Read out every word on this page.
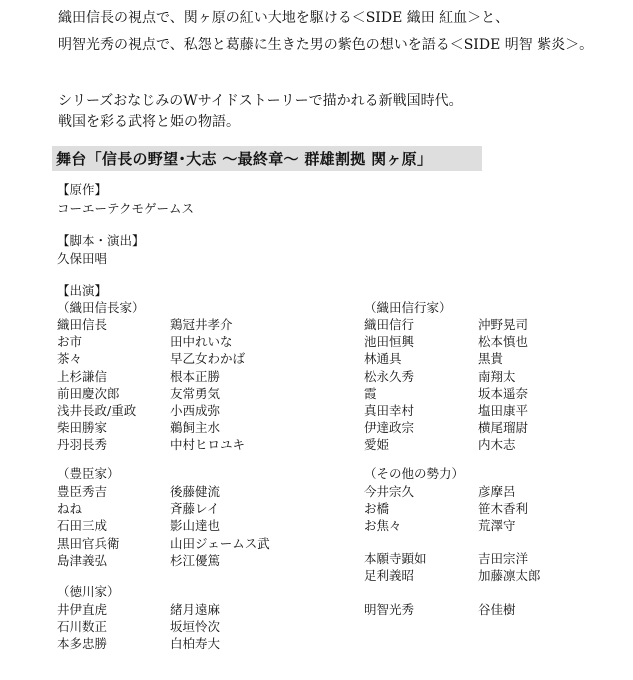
織田信長の視点で、関ヶ原の紅い大地を駆ける＜SIDE 織田 紅血＞と、
明智光秀の視点で、私怨と葛藤に生きた男の紫色の想いを語る＜SIDE 明智 紫炎＞。
シリーズおなじみのWサイドストーリーで描かれる新戦国時代。
戦国を彩る武将と姫の物語。
舞台「信長の野望･大志 〜最終章〜 群雄割拠 関ヶ原」
【原作】
コーエーテクモゲームス
【脚本・演出】
久保田唱
【出演】
（織田信長家）
織田信長
お市
茶々
上杉謙信
前田慶次郎
浅井長政/重政
柴田勝家
丹羽長秀
鶏冠井孝介
田中れいな
早乙女わかば
根本正勝
友常勇気
小西成弥
鵜飼主水
中村ヒロユキ
（織田信行家）
織田信行
池田恒興
林通具
松永久秀
霞
真田幸村
伊達政宗
愛姫
沖野晃司
松本慎也
黒貴
南翔太
坂本遥奈
塩田康平
横尾瑠尉
内木志
（豊臣家）
豊臣秀吉
ねね
石田三成
黒田官兵衛
島津義弘
後藤健流
斉藤レイ
影山達也
山田ジェームス武
杉江優篤
（その他の勢力）
今井宗久
お橋
お焦々
彦摩呂
笹木香利
荒澤守
本願寺顕如
足利義昭
吉田宗洋
加藤凛太郎
明智光秀	谷佳樹
（徳川家）
井伊直虎
石川数正
本多忠勝
緒月遠麻
坂垣怜次
白柏寿大
